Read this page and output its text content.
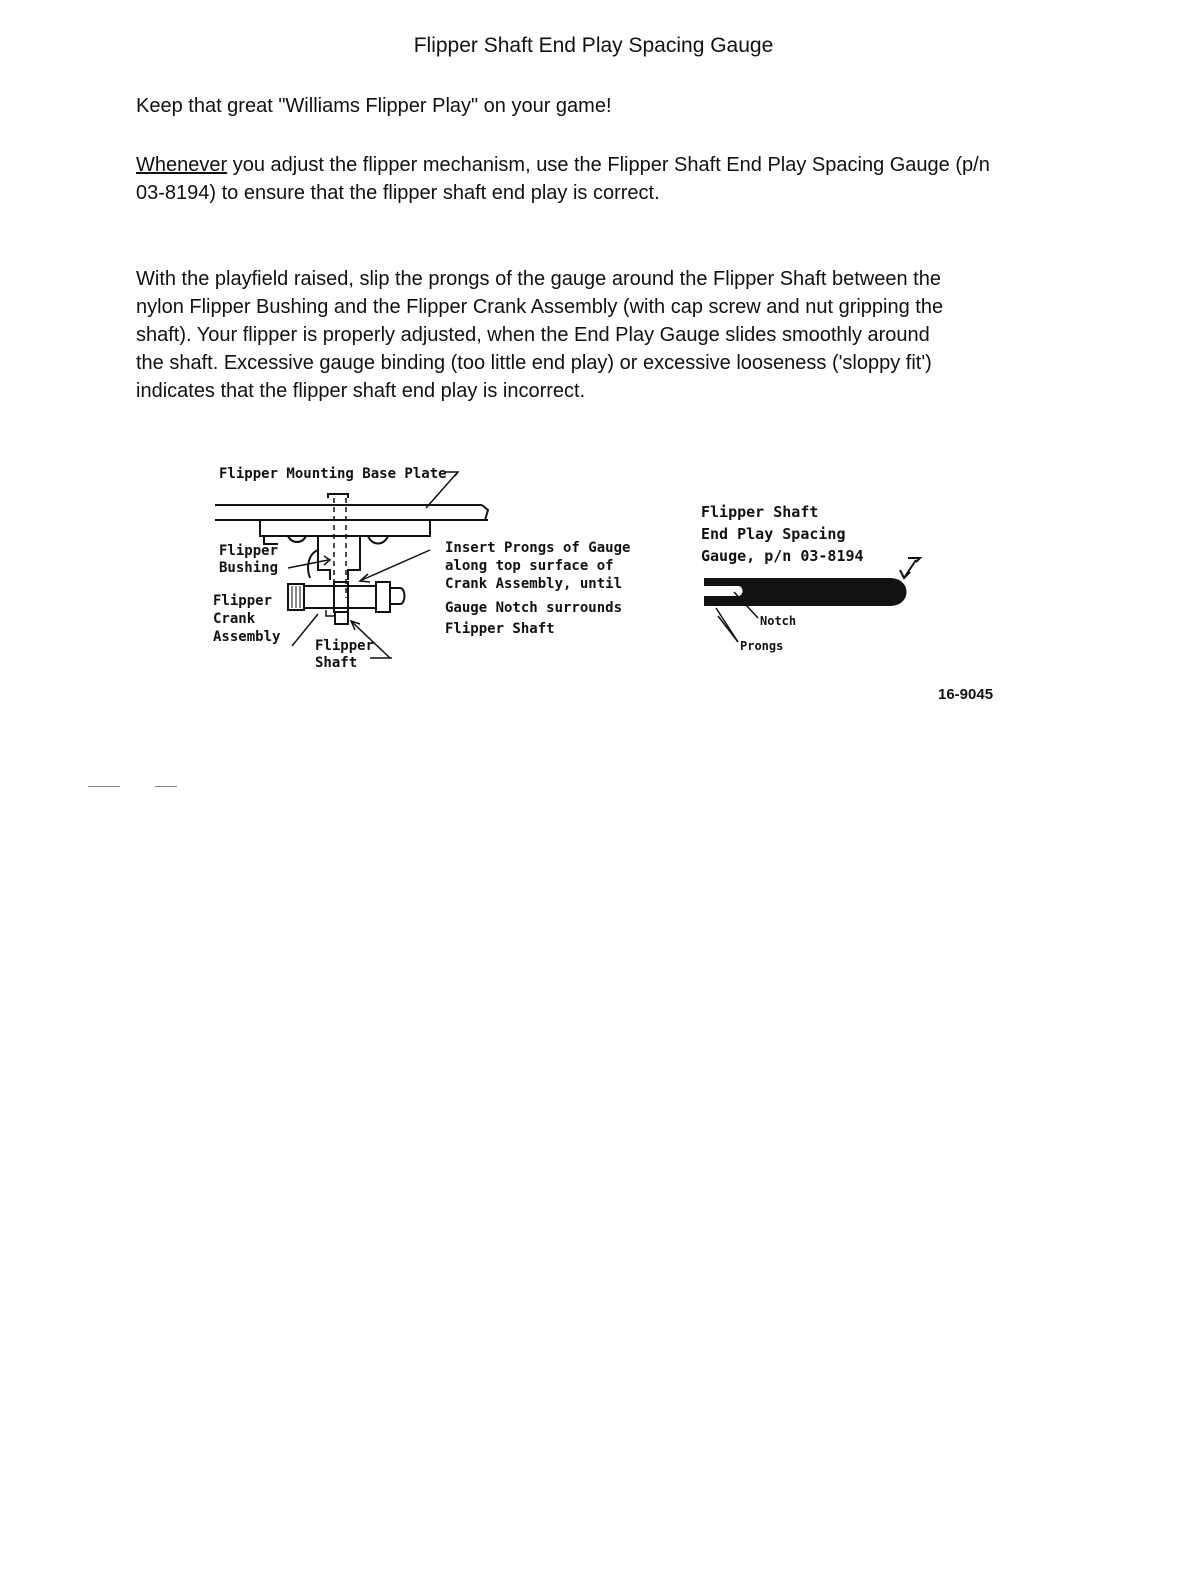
Flipper Shaft End Play Spacing Gauge
Keep that great "Williams Flipper Play" on your game!
Whenever you adjust the flipper mechanism, use the Flipper Shaft End Play Spacing Gauge (p/n 03-8194) to ensure that the flipper shaft end play is correct.
With the playfield raised, slip the prongs of the gauge around the Flipper Shaft between the nylon Flipper Bushing and the Flipper Crank Assembly (with cap screw and nut gripping the shaft). Your flipper is properly adjusted, when the End Play Gauge slides smoothly around the shaft. Excessive gauge binding (too little end play) or excessive looseness ('sloppy fit') indicates that the flipper shaft end play is incorrect.
Flipper Mounting Base Plate
Flipper
Bushing
Flipper
Crank
Assembly
Flipper
Shaft
Insert Prongs of Gauge
along top surface of
Crank Assembly, until
Gauge Notch surrounds
Flipper Shaft
Flipper Shaft
End Play Spacing
Gauge, p/n 03-8194
Notch
Prongs
16-9045
